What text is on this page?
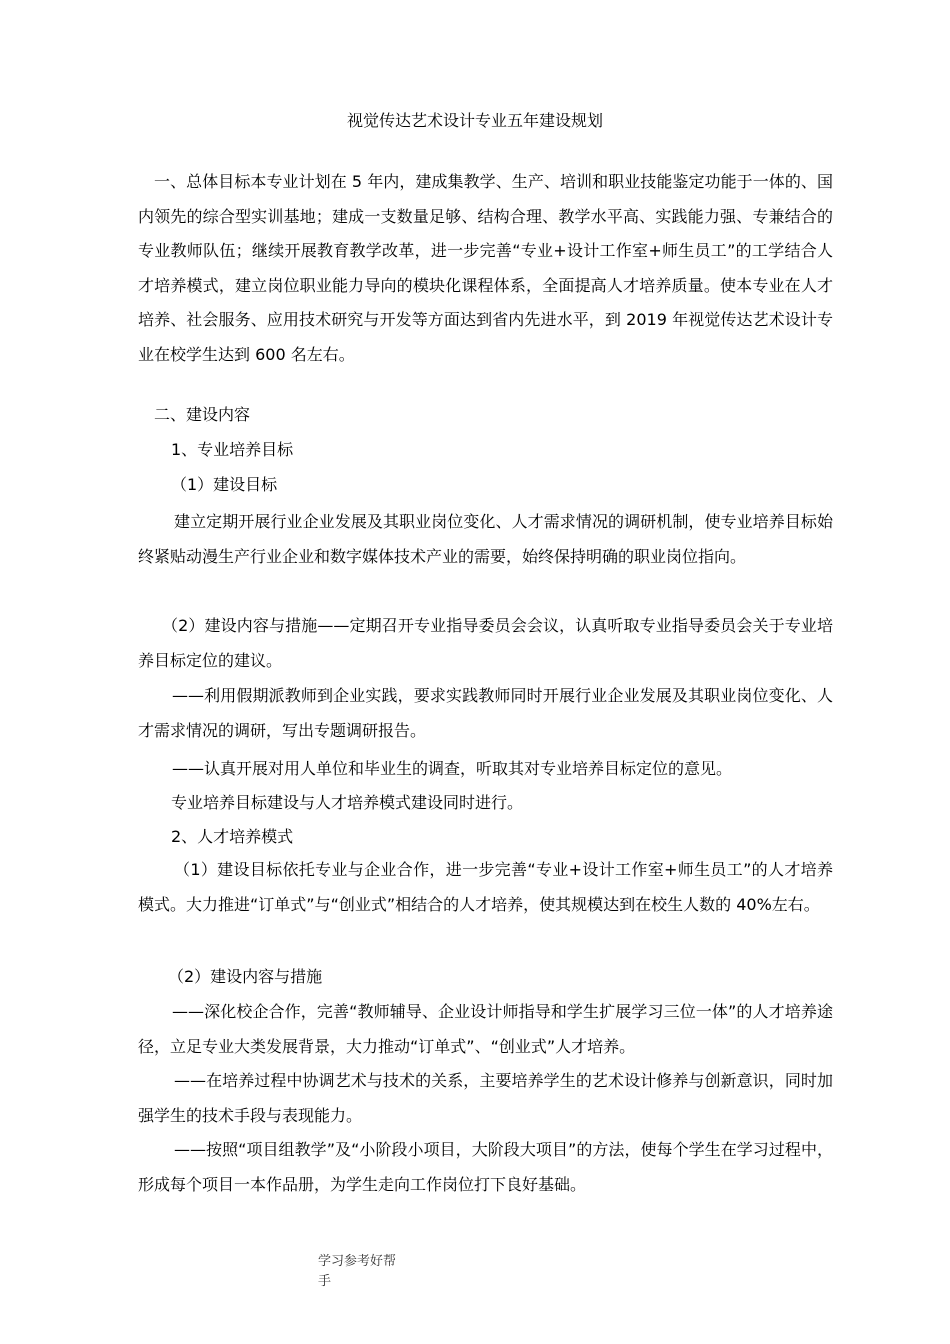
视觉传达艺术设计专业五年建设规划
一、总体目标本专业计划在 5 年内，建成集教学、生产、培训和职业技能鉴定功能于一体的、国内领先的综合型实训基地；建成一支数量足够、结构合理、教学水平高、实践能力强、专兼结合的专业教师队伍；继续开展教育教学改革，进一步完善“专业+设计工作室+师生员工”的工学结合人才培养模式，建立岗位职业能力导向的模块化课程体系，全面提高人才培养质量。使本专业在人才培养、社会服务、应用技术研究与开发等方面达到省内先进水平，到 2019 年视觉传达艺术设计专业在校学生达到 600 名左右。
二、建设内容
1、专业培养目标
（1）建设目标
建立定期开展行业企业发展及其职业岗位变化、人才需求情况的调研机制，使专业培养目标始终紧贴动漫生产行业企业和数字媒体技术产业的需要，始终保持明确的职业岗位指向。
（2）建设内容与措施——定期召开专业指导委员会会议，认真听取专业指导委员会关于专业培养目标定位的建议。
——利用假期派教师到企业实践，要求实践教师同时开展行业企业发展及其职业岗位变化、人才需求情况的调研，写出专题调研报告。
——认真开展对用人单位和毕业生的调查，听取其对专业培养目标定位的意见。
专业培养目标建设与人才培养模式建设同时进行。
2、人才培养模式
（1）建设目标依托专业与企业合作，进一步完善“专业+设计工作室+师生员工”的人才培养模式。大力推进“订单式”与“创业式”相结合的人才培养，使其规模达到在校生人数的 40%左右。
（2）建设内容与措施
——深化校企合作，完善“教师辅导、企业设计师指导和学生扩展学习三位一体”的人才培养途径，立足专业大类发展背景，大力推动“订单式”、“创业式”人才培养。
——在培养过程中协调艺术与技术的关系，主要培养学生的艺术设计修养与创新意识，同时加强学生的技术手段与表现能力。
——按照“项目组教学”及“小阶段小项目，大阶段大项目”的方法，使每个学生在学习过程中，形成每个项目一本作品册，为学生走向工作岗位打下良好基础。
学习参考好帮手
